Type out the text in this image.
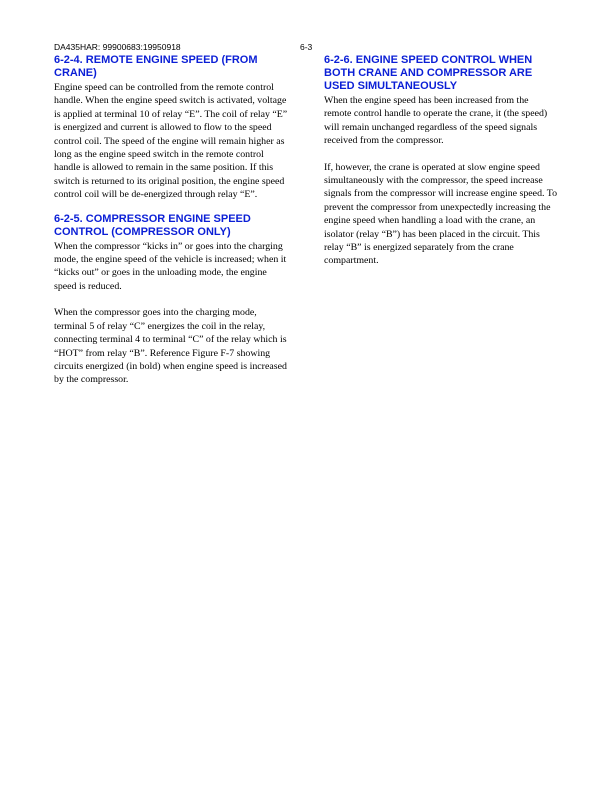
DA435HAR: 99900683:19950918	6-3
6-2-4. REMOTE ENGINE SPEED (FROM CRANE)

Engine speed can be controlled from the remote control handle. When the engine speed switch is activated, voltage is applied at terminal 10 of relay “E”. The coil of relay “E” is energized and current is allowed to flow to the speed control coil. The speed of the engine will remain higher as long as the engine speed switch in the remote control handle is allowed to remain in the same position. If this switch is returned to its original position, the engine speed control coil will be de-energized through relay “E”.

6-2-5. COMPRESSOR ENGINE SPEED CONTROL (COMPRESSOR ONLY)

When the compressor “kicks in” or goes into the charging mode, the engine speed of the vehicle is increased; when it “kicks out” or goes in the unloading mode, the engine speed is reduced.

When the compressor goes into the charging mode, terminal 5 of relay “C” energizes the coil in the relay, connecting terminal 4 to terminal “C” of the relay which is “HOT” from relay “B”. Reference Figure F-7 showing circuits energized (in bold) when engine speed is increased by the compressor.

6-2-6. ENGINE SPEED CONTROL WHEN BOTH CRANE AND COMPRESSOR ARE USED SIMULTANEOUSLY

When the engine speed has been increased from the remote control handle to operate the crane, it (the speed) will remain unchanged regardless of the speed signals received from the compressor.

If, however, the crane is operated at slow engine speed simultaneously with the compressor, the speed increase signals from the compressor will increase engine speed. To prevent the compressor from unexpectedly increasing the engine speed when handling a load with the crane, an isolator (relay “B”) has been placed in the circuit. This relay “B” is energized separately from the crane compartment.
